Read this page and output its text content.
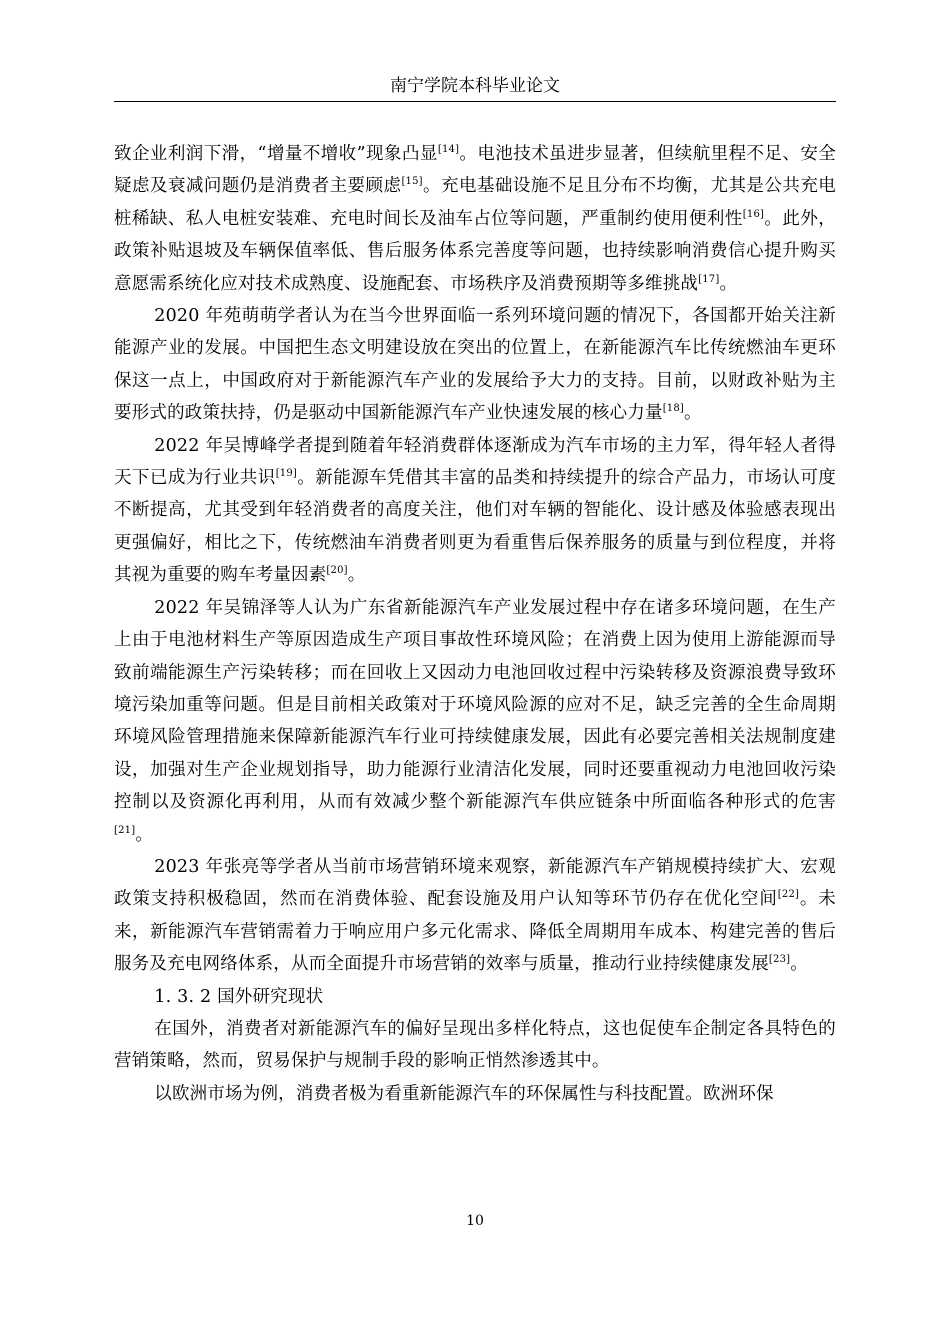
南宁学院本科毕业论文

致企业利润下滑，“增量不增收”现象凸显[14]。电池技术虽进步显著，但续航里程不足、安全疑虑及衰减问题仍是消费者主要顾虑[15]。充电基础设施不足且分布不均衡，尤其是公共充电桩稀缺、私人电桩安装难、充电时间长及油车占位等问题，严重制约使用便利性[16]。此外，政策补贴退坡及车辆保值率低、售后服务体系完善度等问题，也持续影响消费信心提升购买意愿需系统化应对技术成熟度、设施配套、市场秩序及消费预期等多维挑战[17]。

2020 年苑萌萌学者认为在当今世界面临一系列环境问题的情况下，各国都开始关注新能源产业的发展。中国把生态文明建设放在突出的位置上，在新能源汽车比传统燃油车更环保这一点上，中国政府对于新能源汽车产业的发展给予大力的支持。目前，以财政补贴为主要形式的政策扶持，仍是驱动中国新能源汽车产业快速发展的核心力量[18]。

2022 年吴博峰学者提到随着年轻消费群体逐渐成为汽车市场的主力军，得年轻人者得天下已成为行业共识[19]。新能源车凭借其丰富的品类和持续提升的综合产品力，市场认可度不断提高，尤其受到年轻消费者的高度关注，他们对车辆的智能化、设计感及体验感表现出更强偏好，相比之下，传统燃油车消费者则更为看重售后保养服务的质量与到位程度，并将其视为重要的购车考量因素[20]。

2022 年吴锦泽等人认为广东省新能源汽车产业发展过程中存在诸多环境问题，在生产上由于电池材料生产等原因造成生产项目事故性环境风险；在消费上因为使用上游能源而导致前端能源生产污染转移；而在回收上又因动力电池回收过程中污染转移及资源浪费导致环境污染加重等问题。但是目前相关政策对于环境风险源的应对不足，缺乏完善的全生命周期环境风险管理措施来保障新能源汽车行业可持续健康发展，因此有必要完善相关法规制度建设，加强对生产企业规划指导，助力能源行业清洁化发展，同时还要重视动力电池回收污染控制以及资源化再利用，从而有效减少整个新能源汽车供应链条中所面临各种形式的危害[21]。

2023 年张亮等学者从当前市场营销环境来观察，新能源汽车产销规模持续扩大、宏观政策支持积极稳固，然而在消费体验、配套设施及用户认知等环节仍存在优化空间[22]。未来，新能源汽车营销需着力于响应用户多元化需求、降低全周期用车成本、构建完善的售后服务及充电网络体系，从而全面提升市场营销的效率与质量，推动行业持续健康发展[23]。

1. 3. 2 国外研究现状

在国外，消费者对新能源汽车的偏好呈现出多样化特点，这也促使车企制定各具特色的营销策略，然而，贸易保护与规制手段的影响正悄然渗透其中。

以欧洲市场为例，消费者极为看重新能源汽车的环保属性与科技配置。欧洲环保

10
